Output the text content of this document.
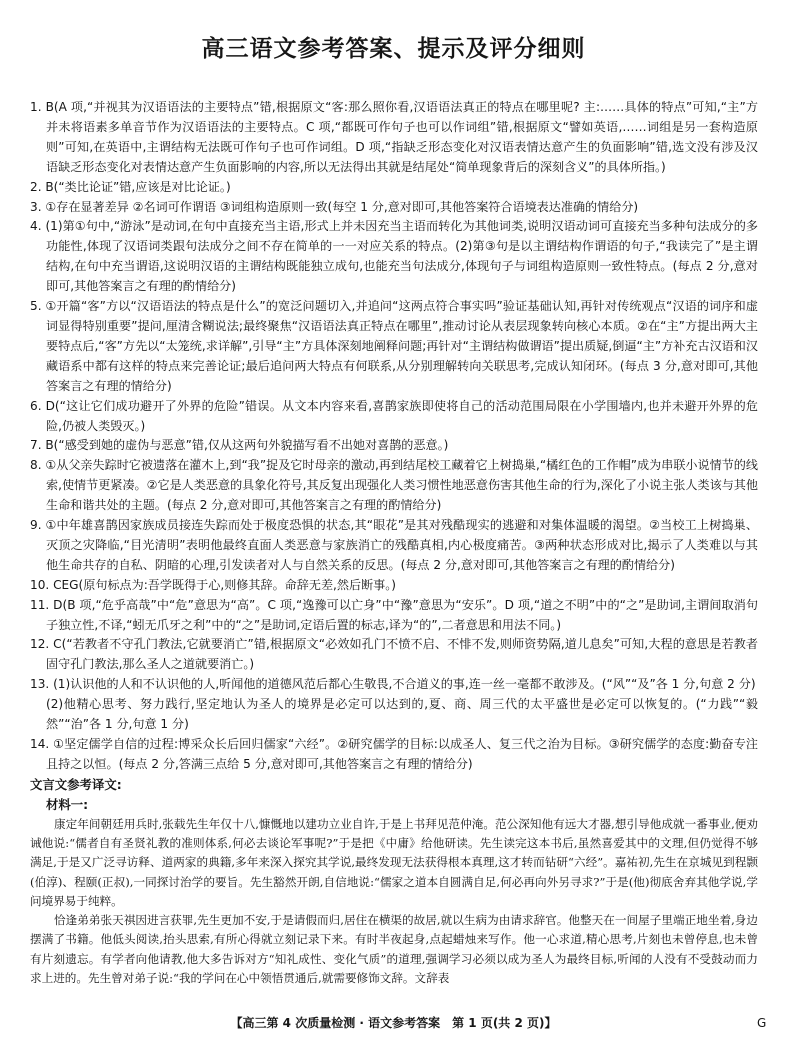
高三语文参考答案、提示及评分细则

1. B(A 项,“并视其为汉语语法的主要特点”错,根据原文“客:那么照你看,汉语语法真正的特点在哪里呢? 主:……具体的特点”可知,“主”方并未将语素多单音节作为汉语语法的主要特点。C 项,“都既可作句子也可以作词组”错,根据原文“譬如英语,……词组是另一套构造原则”可知,在英语中,主谓结构无法既可作句子也可作词组。D 项,“指缺乏形态变化对汉语表情达意产生的负面影响”错,选文没有涉及汉语缺乏形态变化对表情达意产生负面影响的内容,所以无法得出其就是结尾处“简单现象背后的深刻含义”的具体所指。)

2. B(“类比论证”错,应该是对比论证。)

3. ①存在显著差异 ②名词可作谓语 ③词组构造原则一致(每空 1 分,意对即可,其他答案符合语境表达准确的情给分)

4. (1)第①句中,“游泳”是动词,在句中直接充当主语,形式上并未因充当主语而转化为其他词类,说明汉语动词可直接充当多种句法成分的多功能性,体现了汉语词类跟句法成分之间不存在简单的一一对应关系的特点。(2)第③句是以主谓结构作谓语的句子,“我读完了”是主谓结构,在句中充当谓语,这说明汉语的主谓结构既能独立成句,也能充当句法成分,体现句子与词组构造原则一致性特点。(每点 2 分,意对即可,其他答案言之有理的酌情给分)

5. ①开篇“客”方以“汉语语法的特点是什么”的宽泛问题切入,并追问“这两点符合事实吗”验证基础认知,再针对传统观点“汉语的词序和虚词显得特别重要”提问,厘清含糊说法;最终聚焦“汉语语法真正特点在哪里”,推动讨论从表层现象转向核心本质。②在“主”方提出两大主要特点后,“客”方先以“太笼统,求详解”,引导“主”方具体深刻地阐释问题;再针对“主谓结构做谓语”提出质疑,倒逼“主”方补充古汉语和汉藏语系中都有这样的特点来完善论证;最后追问两大特点有何联系,从分别理解转向关联思考,完成认知闭环。(每点 3 分,意对即可,其他答案言之有理的情给分)

6. D(“这让它们成功避开了外界的危险”错误。从文本内容来看,喜鹊家族即使将自己的活动范围局限在小学围墙内,也并未避开外界的危险,仍被人类毁灭。)

7. B(“感受到她的虚伪与恶意”错,仅从这两句外貌描写看不出她对喜鹊的恶意。)

8. ①从父亲失踪时它被遗落在灌木上,到“我”捉及它时母亲的激动,再到结尾校工藏着它上树捣巢,“橘红色的工作帽”成为串联小说情节的线索,使情节更紧凑。②它是人类恶意的具象化符号,其反复出现强化人类习惯性地恶意伤害其他生命的行为,深化了小说主张人类该与其他生命和谐共处的主题。(每点 2 分,意对即可,其他答案言之有理的酌情给分)

9. ①中年雄喜鹊因家族成员接连失踪而处于极度恐惧的状态,其“眼花”是其对残酷现实的逃避和对集体温暖的渴望。②当校工上树捣巢、灭顶之灾降临,“目光清明”表明他最终直面人类恶意与家族消亡的残酷真相,内心极度痛苦。③两种状态形成对比,揭示了人类难以与其他生命共存的自私、阴暗的心理,引发读者对人与自然关系的反思。(每点 2 分,意对即可,其他答案言之有理的酌情给分)

10. CEG(原句标点为:吾学既得于心,则修其辞。命辞无差,然后断事。)

11. D(B 项,“危乎高哉”中“危”意思为“高”。C 项,“逸豫可以亡身”中“豫”意思为“安乐”。D 项,“道之不明”中的“之”是助词,主谓间取消句子独立性,不译,“蚓无爪牙之利”中的“之”是助词,定语后置的标志,译为“的”,二者意思和用法不同。)

12. C(“若教者不守孔门教法,它就要消亡”错,根据原文“必效如孔门不愤不启、不悱不发,则师资势隔,道儿息矣”可知,大程的意思是若教者固守孔门教法,那么圣人之道就要消亡。)

13. (1)认识他的人和不认识他的人,听闻他的道德风范后都心生敬畏,不合道义的事,连一丝一毫都不敢涉及。(“风”“及”各 1 分,句意 2 分)

(2)他精心思考、努力践行,坚定地认为圣人的境界是必定可以达到的,夏、商、周三代的太平盛世是必定可以恢复的。(“力践”“毅然”“治”各 1 分,句意 1 分)

14. ①坚定儒学自信的过程:博采众长后回归儒家“六经”。②研究儒学的目标:以成圣人、复三代之治为目标。③研究儒学的态度:勤奋专注且持之以恒。(每点 2 分,答满三点给 5 分,意对即可,其他答案言之有理的情给分)

文言文参考译文:

材料一:

康定年间朝廷用兵时,张载先生年仅十八,慷慨地以建功立业自许,于是上书拜见范仲淹。范公深知他有远大才器,想引导他成就一番事业,便劝诫他说:“儒者自有圣贤礼教的准则体系,何必去谈论军事呢?”于是把《中庸》给他研读。先生读完这本书后,虽然喜爱其中的文理,但仍觉得不够满足,于是又广泛寻访释、道两家的典籍,多年来深入探究其学说,最终发现无法获得根本真理,这才转而钻研“六经”。嘉祐初,先生在京城见到程颢(伯淳)、程颐(正叔),一同探讨治学的要旨。先生豁然开朗,自信地说:“儒家之道本自圆满自足,何必再向外另寻求?”于是(他)彻底舍弃其他学说,学问境界易于纯粹。

恰逢弟弟张天祺因进言获罪,先生更加不安,于是请假而归,居住在横渠的故居,就以生病为由请求辞官。他整天在一间屋子里端正地坐着,身边摆满了书籍。他低头阅读,抬头思索,有所心得就立刻记录下来。有时半夜起身,点起蜡烛来写作。他一心求道,精心思考,片刻也未曾停息,也未曾有片刻遗忘。有学者向他请教,他大多告诉对方“知礼成性、变化气质”的道理,强调学习必须以成为圣人为最终目标,听闻的人没有不受鼓动而力求上进的。先生曾对弟子说:“我的学问在心中领悟贯通后,就需要修饰文辞。文辞表

【高三第 4 次质量检测 · 语文参考答案　第 1 页(共 2 页)】	G
